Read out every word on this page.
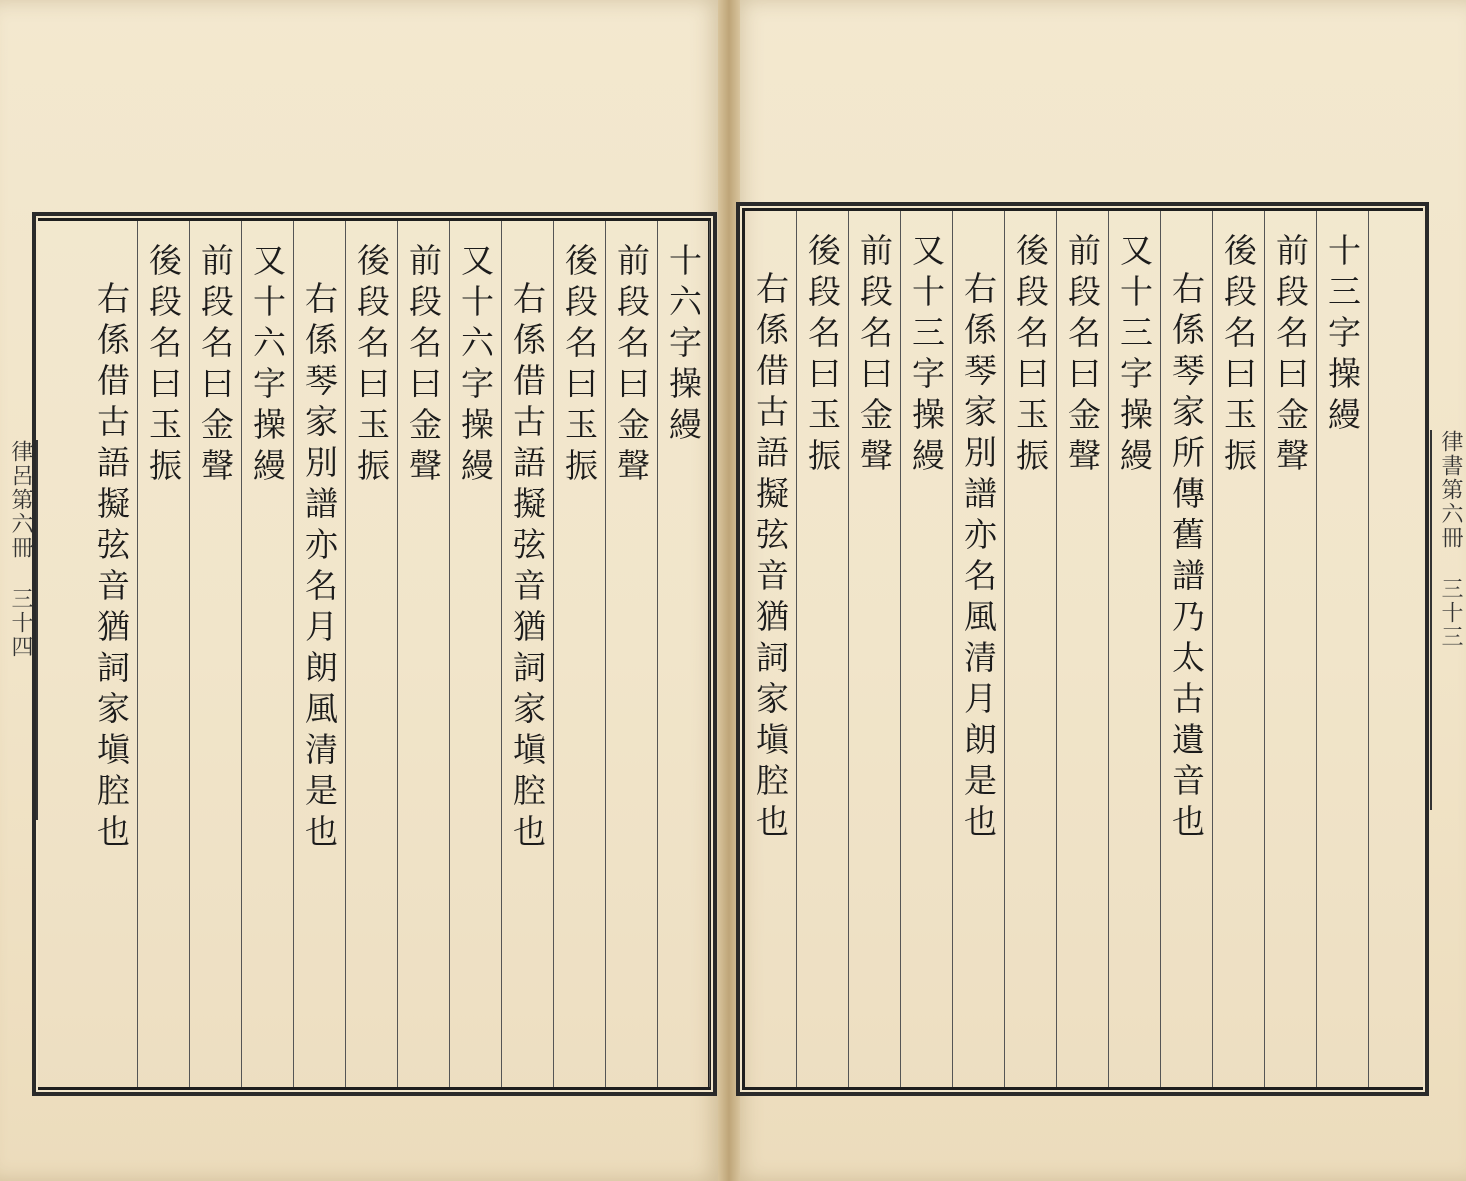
十六字操縵
前段名曰金聲
後段名曰玉振
右係借古語擬弦音猶詞家塡腔也
又十六字操縵
前段名曰金聲
後段名曰玉振
右係琴家別譜亦名月朗風清是也
又十六字操縵
前段名曰金聲
後段名曰玉振
右係借古語擬弦音猶詞家塡腔也	十三字操縵
前段名曰金聲
後段名曰玉振
右係琴家所傳舊譜乃太古遺音也
又十三字操縵
前段名曰金聲
後段名曰玉振
右係琴家別譜亦名風清月朗是也
又十三字操縵
前段名曰金聲
後段名曰玉振
右係借古語擬弦音猶詞家塡腔也
律呂第六冊 三十四
律書第六冊 三十三
